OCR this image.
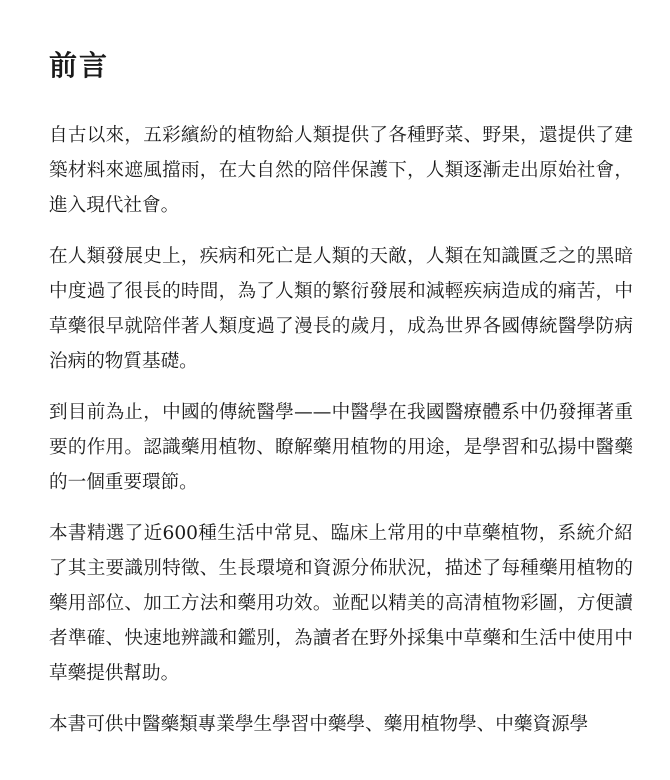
前言

自古以來，五彩繽紛的植物給人類提供了各種野菜、野果，還提供了建築材料來遮風擋雨，在大自然的陪伴保護下，人類逐漸走出原始社會，進入現代社會。

在人類發展史上，疾病和死亡是人類的天敵，人類在知識匱乏之的黑暗中度過了很長的時間，為了人類的繁衍發展和減輕疾病造成的痛苦，中草藥很早就陪伴著人類度過了漫長的歲月，成為世界各國傳統醫學防病治病的物質基礎。

到目前為止，中國的傳統醫學——中醫學在我國醫療體系中仍發揮著重要的作用。認識藥用植物、瞭解藥用植物的用途，是學習和弘揚中醫藥的一個重要環節。

本書精選了近600種生活中常見、臨床上常用的中草藥植物，系統介紹了其主要識別特徵、生長環境和資源分佈狀況，描述了每種藥用植物的藥用部位、加工方法和藥用功效。並配以精美的高清植物彩圖，方便讀者準確、快速地辨識和鑑別，為讀者在野外採集中草藥和生活中使用中草藥提供幫助。

本書可供中醫藥類專業學生學習中藥學、藥用植物學、中藥資源學
